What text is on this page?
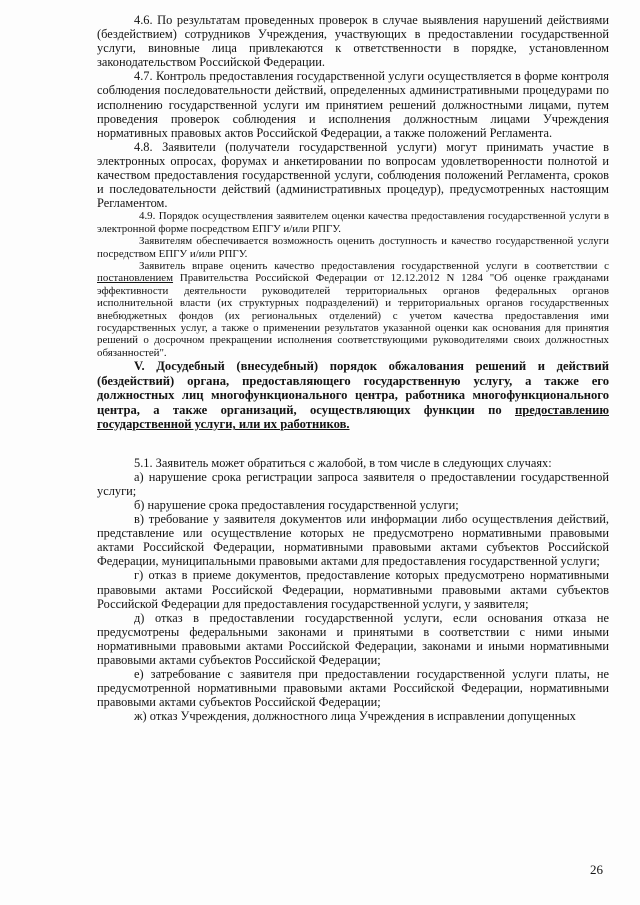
4.6. По результатам проведенных проверок в случае выявления нарушений действиями (бездействием) сотрудников Учреждения, участвующих в предоставлении государственной услуги, виновные лица привлекаются к ответственности в порядке, установленном законодательством Российской Федерации.

4.7. Контроль предоставления государственной услуги осуществляется в форме контроля соблюдения последовательности действий, определенных административными процедурами по исполнению государственной услуги им принятием решений должностными лицами, путем проведения проверок соблюдения и исполнения должностным лицами Учреждения нормативных правовых актов Российской Федерации, а также положений Регламента.

4.8. Заявители (получатели государственной услуги) могут принимать участие в электронных опросах, форумах и анкетировании по вопросам удовлетворенности полнотой и качеством предоставления государственной услуги, соблюдения положений Регламента, сроков и последовательности действий (административных процедур), предусмотренных настоящим Регламентом.

4.9. Порядок осуществления заявителем оценки качества предоставления государственной услуги в электронной форме посредством ЕПГУ и/или РПГУ.

Заявителям обеспечивается возможность оценить доступность и качество государственной услуги посредством ЕПГУ и/или РПГУ.

Заявитель вправе оценить качество предоставления государственной услуги в соответствии с постановлением Правительства Российской Федерации от 12.12.2012 N 1284 "Об оценке гражданами эффективности деятельности руководителей территориальных органов федеральных органов исполнительной власти (их структурных подразделений) и территориальных органов государственных внебюджетных фондов (их региональных отделений) с учетом качества предоставления ими государственных услуг, а также о применении результатов указанной оценки как основания для принятия решений о досрочном прекращении исполнения соответствующими руководителями своих должностных обязанностей".

V. Досудебный (внесудебный) порядок обжалования решений и действий (бездействий) органа, предоставляющего государственную услугу, а также его должностных лиц многофункционального центра, работника многофункционального центра, а также организаций, осуществляющих функции по предоставлению государственной услуги, или их работников.

5.1. Заявитель может обратиться с жалобой, в том числе в следующих случаях:

а) нарушение срока регистрации запроса заявителя о предоставлении государственной услуги;

б) нарушение срока предоставления государственной услуги;

в) требование у заявителя документов или информации либо осуществления действий, представление или осуществление которых не предусмотрено нормативными правовыми актами Российской Федерации, нормативными правовыми актами субъектов Российской Федерации, муниципальными правовыми актами для предоставления государственной услуги;

г) отказ в приеме документов, предоставление которых предусмотрено нормативными правовыми актами Российской Федерации, нормативными правовыми актами субъектов Российской Федерации для предоставления государственной услуги, у заявителя;

д) отказ в предоставлении государственной услуги, если основания отказа не предусмотрены федеральными законами и принятыми в соответствии с ними иными нормативными правовыми актами Российской Федерации, законами и иными нормативными правовыми актами субъектов Российской Федерации;

е) затребование с заявителя при предоставлении государственной услуги платы, не предусмотренной нормативными правовыми актами Российской Федерации, нормативными правовыми актами субъектов Российской Федерации;

ж) отказ Учреждения, должностного лица Учреждения в исправлении допущенных

26
